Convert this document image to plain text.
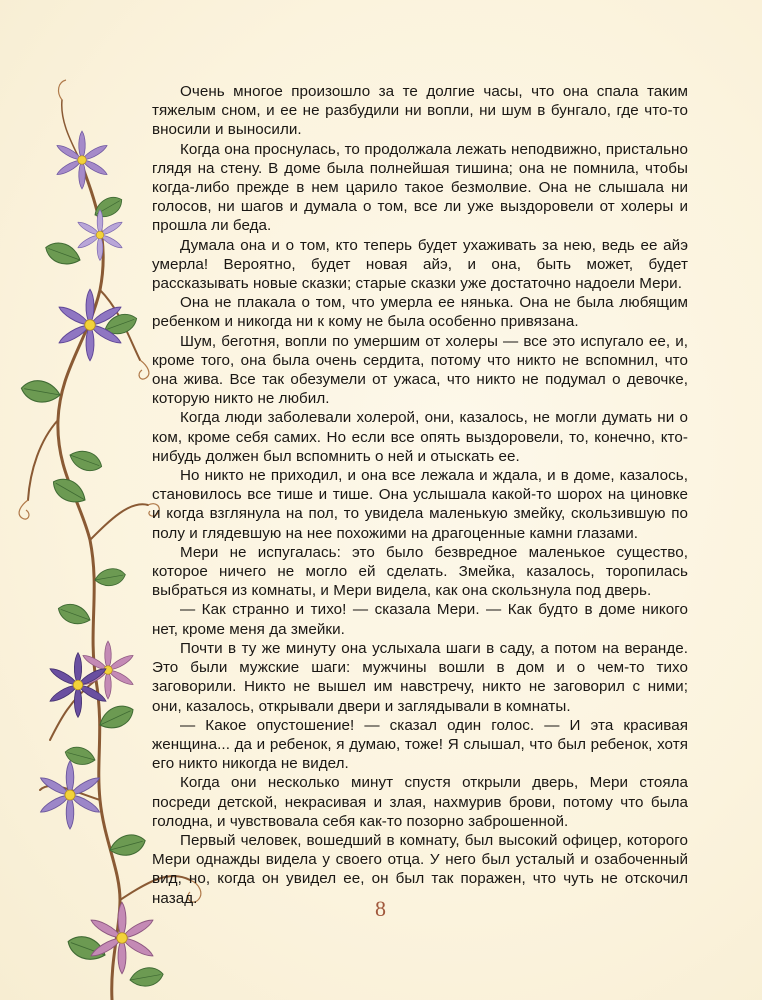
Очень многое произошло за те долгие часы, что она спала таким тяжелым сном, и ее не разбудили ни вопли, ни шум в бунгало, где что-то вносили и выносили.

Когда она проснулась, то продолжала лежать неподвижно, пристально глядя на стену. В доме была полнейшая тишина; она не помнила, чтобы когда-либо прежде в нем царило такое безмолвие. Она не слышала ни голосов, ни шагов и думала о том, все ли уже выздоровели от холеры и прошла ли беда.

Думала она и о том, кто теперь будет ухаживать за нею, ведь ее айэ умерла! Вероятно, будет новая айэ, и она, быть может, будет рассказывать новые сказки; старые сказки уже достаточно надоели Мери.

Она не плакала о том, что умерла ее нянька. Она не была любящим ребенком и никогда ни к кому не была особенно привязана.

Шум, беготня, вопли по умершим от холеры — все это испугало ее, и, кроме того, она была очень сердита, потому что никто не вспомнил, что она жива. Все так обезумели от ужаса, что никто не подумал о девочке, которую никто не любил.

Когда люди заболевали холерой, они, казалось, не могли думать ни о ком, кроме себя самих. Но если все опять выздоровели, то, конечно, кто-нибудь должен был вспомнить о ней и отыскать ее.

Но никто не приходил, и она все лежала и ждала, и в доме, казалось, становилось все тише и тише. Она услышала какой-то шорох на циновке и когда взглянула на пол, то увидела маленькую змейку, скользившую по полу и глядевшую на нее похожими на драгоценные камни глазами.

Мери не испугалась: это было безвредное маленькое существо, которое ничего не могло ей сделать. Змейка, казалось, торопилась выбраться из комнаты, и Мери видела, как она скользнула под дверь.

— Как странно и тихо! — сказала Мери. — Как будто в доме никого нет, кроме меня да змейки.

Почти в ту же минуту она услыхала шаги в саду, а потом на веранде. Это были мужские шаги: мужчины вошли в дом и о чем-то тихо заговорили. Никто не вышел им навстречу, никто не заговорил с ними; они, казалось, открывали двери и заглядывали в комнаты.

— Какое опустошение! — сказал один голос. — И эта красивая женщина... да и ребенок, я думаю, тоже! Я слышал, что был ребенок, хотя его никто никогда не видел.

Когда они несколько минут спустя открыли дверь, Мери стояла посреди детской, некрасивая и злая, нахмурив брови, потому что была голодна, и чувствовала себя как-то позорно заброшенной.

Первый человек, вошедший в комнату, был высокий офицер, которого Мери однажды видела у своего отца. У него был усталый и озабоченный вид, но, когда он увидел ее, он был так поражен, что чуть не отскочил назад.	8
